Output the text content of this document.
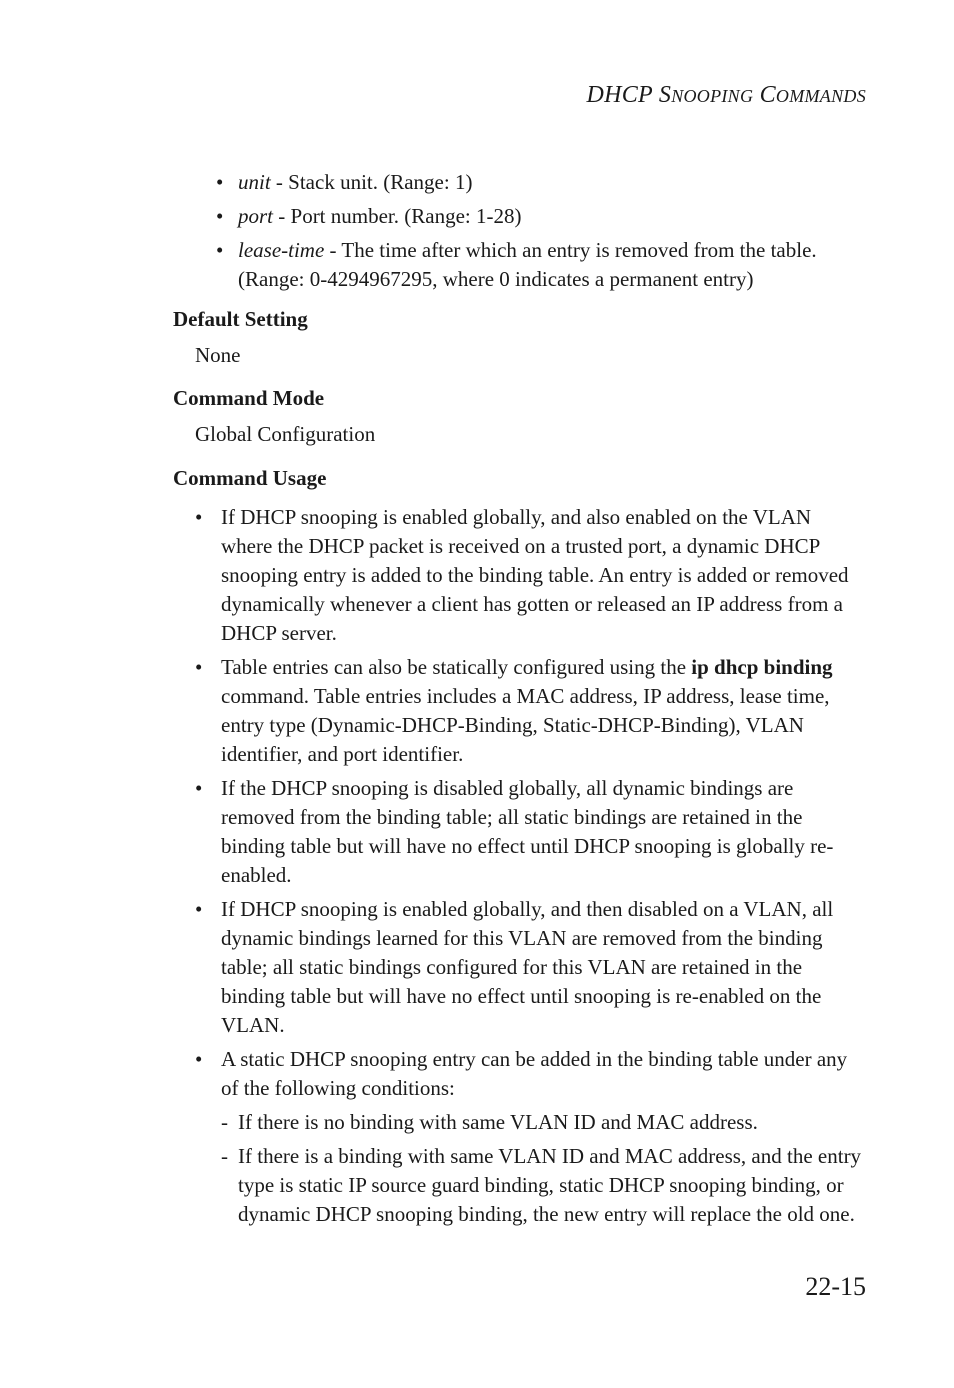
DHCP SNOOPING COMMANDS
• unit - Stack unit. (Range: 1)
• port - Port number. (Range: 1-28)
• lease-time - The time after which an entry is removed from the table. (Range: 0-4294967295, where 0 indicates a permanent entry)
Default Setting

None

Command Mode

Global Configuration

Command Usage
• If DHCP snooping is enabled globally, and also enabled on the VLAN where the DHCP packet is received on a trusted port, a dynamic DHCP snooping entry is added to the binding table. An entry is added or removed dynamically whenever a client has gotten or released an IP address from a DHCP server.
• Table entries can also be statically configured using the ip dhcp binding command. Table entries includes a MAC address, IP address, lease time, entry type (Dynamic-DHCP-Binding, Static-DHCP-Binding), VLAN identifier, and port identifier.
• If the DHCP snooping is disabled globally, all dynamic bindings are removed from the binding table; all static bindings are retained in the binding table but will have no effect until DHCP snooping is globally re-enabled.
• If DHCP snooping is enabled globally, and then disabled on a VLAN, all dynamic bindings learned for this VLAN are removed from the binding table; all static bindings configured for this VLAN are retained in the binding table but will have no effect until snooping is re-enabled on the VLAN.
• A static DHCP snooping entry can be added in the binding table under any of the following conditions:
- If there is no binding with same VLAN ID and MAC address.
- If there is a binding with same VLAN ID and MAC address, and the entry type is static IP source guard binding, static DHCP snooping binding, or dynamic DHCP snooping binding, the new entry will replace the old one.
22-15
